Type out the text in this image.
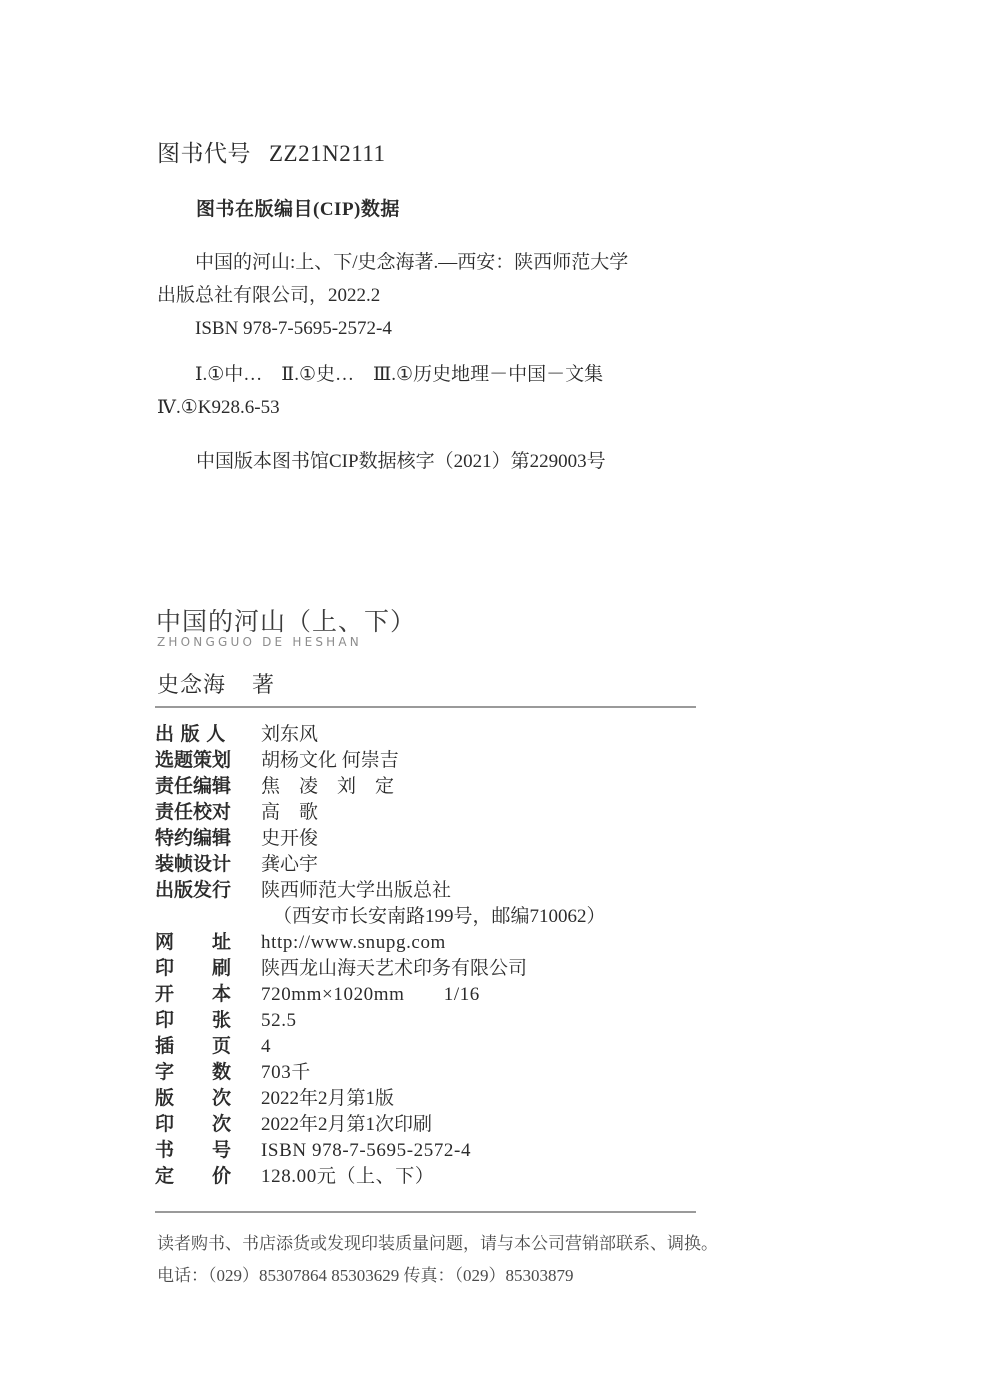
图书代号 ZZ21N2111
图书在版编目(CIP)数据

中国的河山:上、下/史念海著.—西安：陕西师范大学

出版总社有限公司，2022.2

ISBN 978-7-5695-2572-4

Ⅰ.①中…　Ⅱ.①史…　Ⅲ.①历史地理－中国－文集

Ⅳ.①K928.6-53

中国版本图书馆CIP数据核字（2021）第229003号
中国的河山（上、下）
ZHONGGUO DE HESHAN
史念海 著
出 版 人	刘东风
选题策划	胡杨文化 何崇吉
责任编辑	焦　凌　刘　定
责任校对	高　歌
特约编辑	史开俊
装帧设计	龚心宇
出版发行	陕西师范大学出版总社
（西安市长安南路199号，邮编710062）
网　　址	http://www.snupg.com
印　　刷	陕西龙山海天艺术印务有限公司
开　　本	720mm×1020mm　　1/16
印　　张	52.5
插　　页	4
字　　数	703千
版　　次	2022年2月第1版
印　　次	2022年2月第1次印刷
书　　号	ISBN 978-7-5695-2572-4
定　　价	128.00元（上、下）

读者购书、书店添货或发现印装质量问题，请与本公司营销部联系、调换。

电话：（029）85307864 85303629 传真：（029）85303879
